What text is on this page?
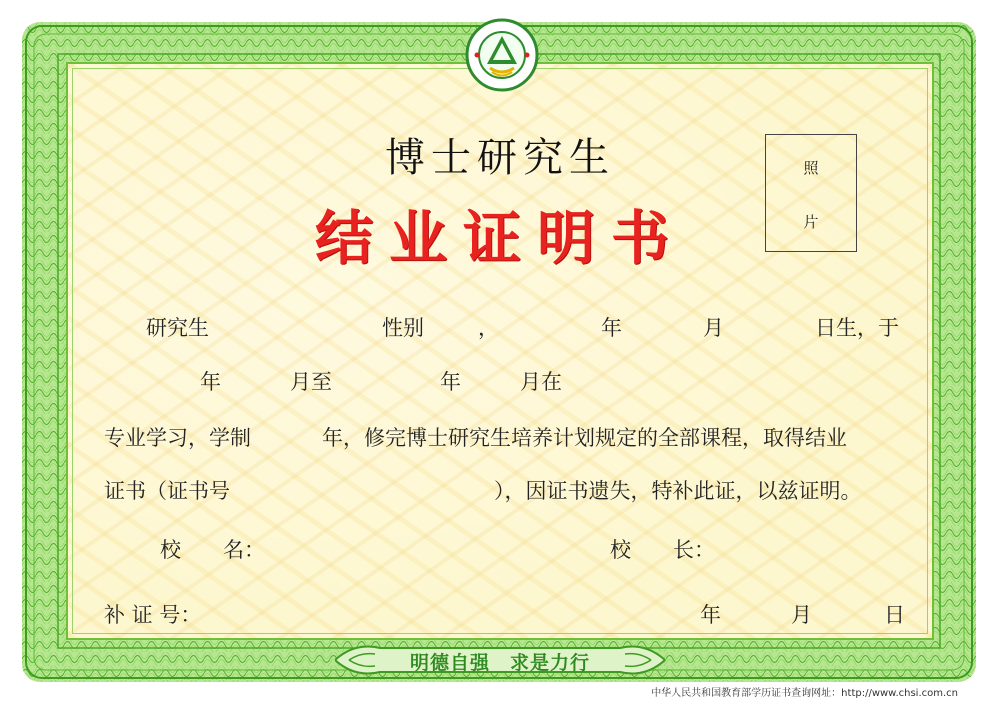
博士研究生
结业证明书
照
片
研究生	性别	，	年	月	日生，于
年	月至	年	月在
专业学习，学制	年，修完博士研究生培养计划规定的全部课程，取得结业
证书（证书号	），因证书遗失，特补此证，以兹证明。
校　　名：	校　　长：
补 证 号：	年	月	日
明德自强　求是力行
中华人民共和国教育部学历证书查询网址：http://www.chsi.com.cn
